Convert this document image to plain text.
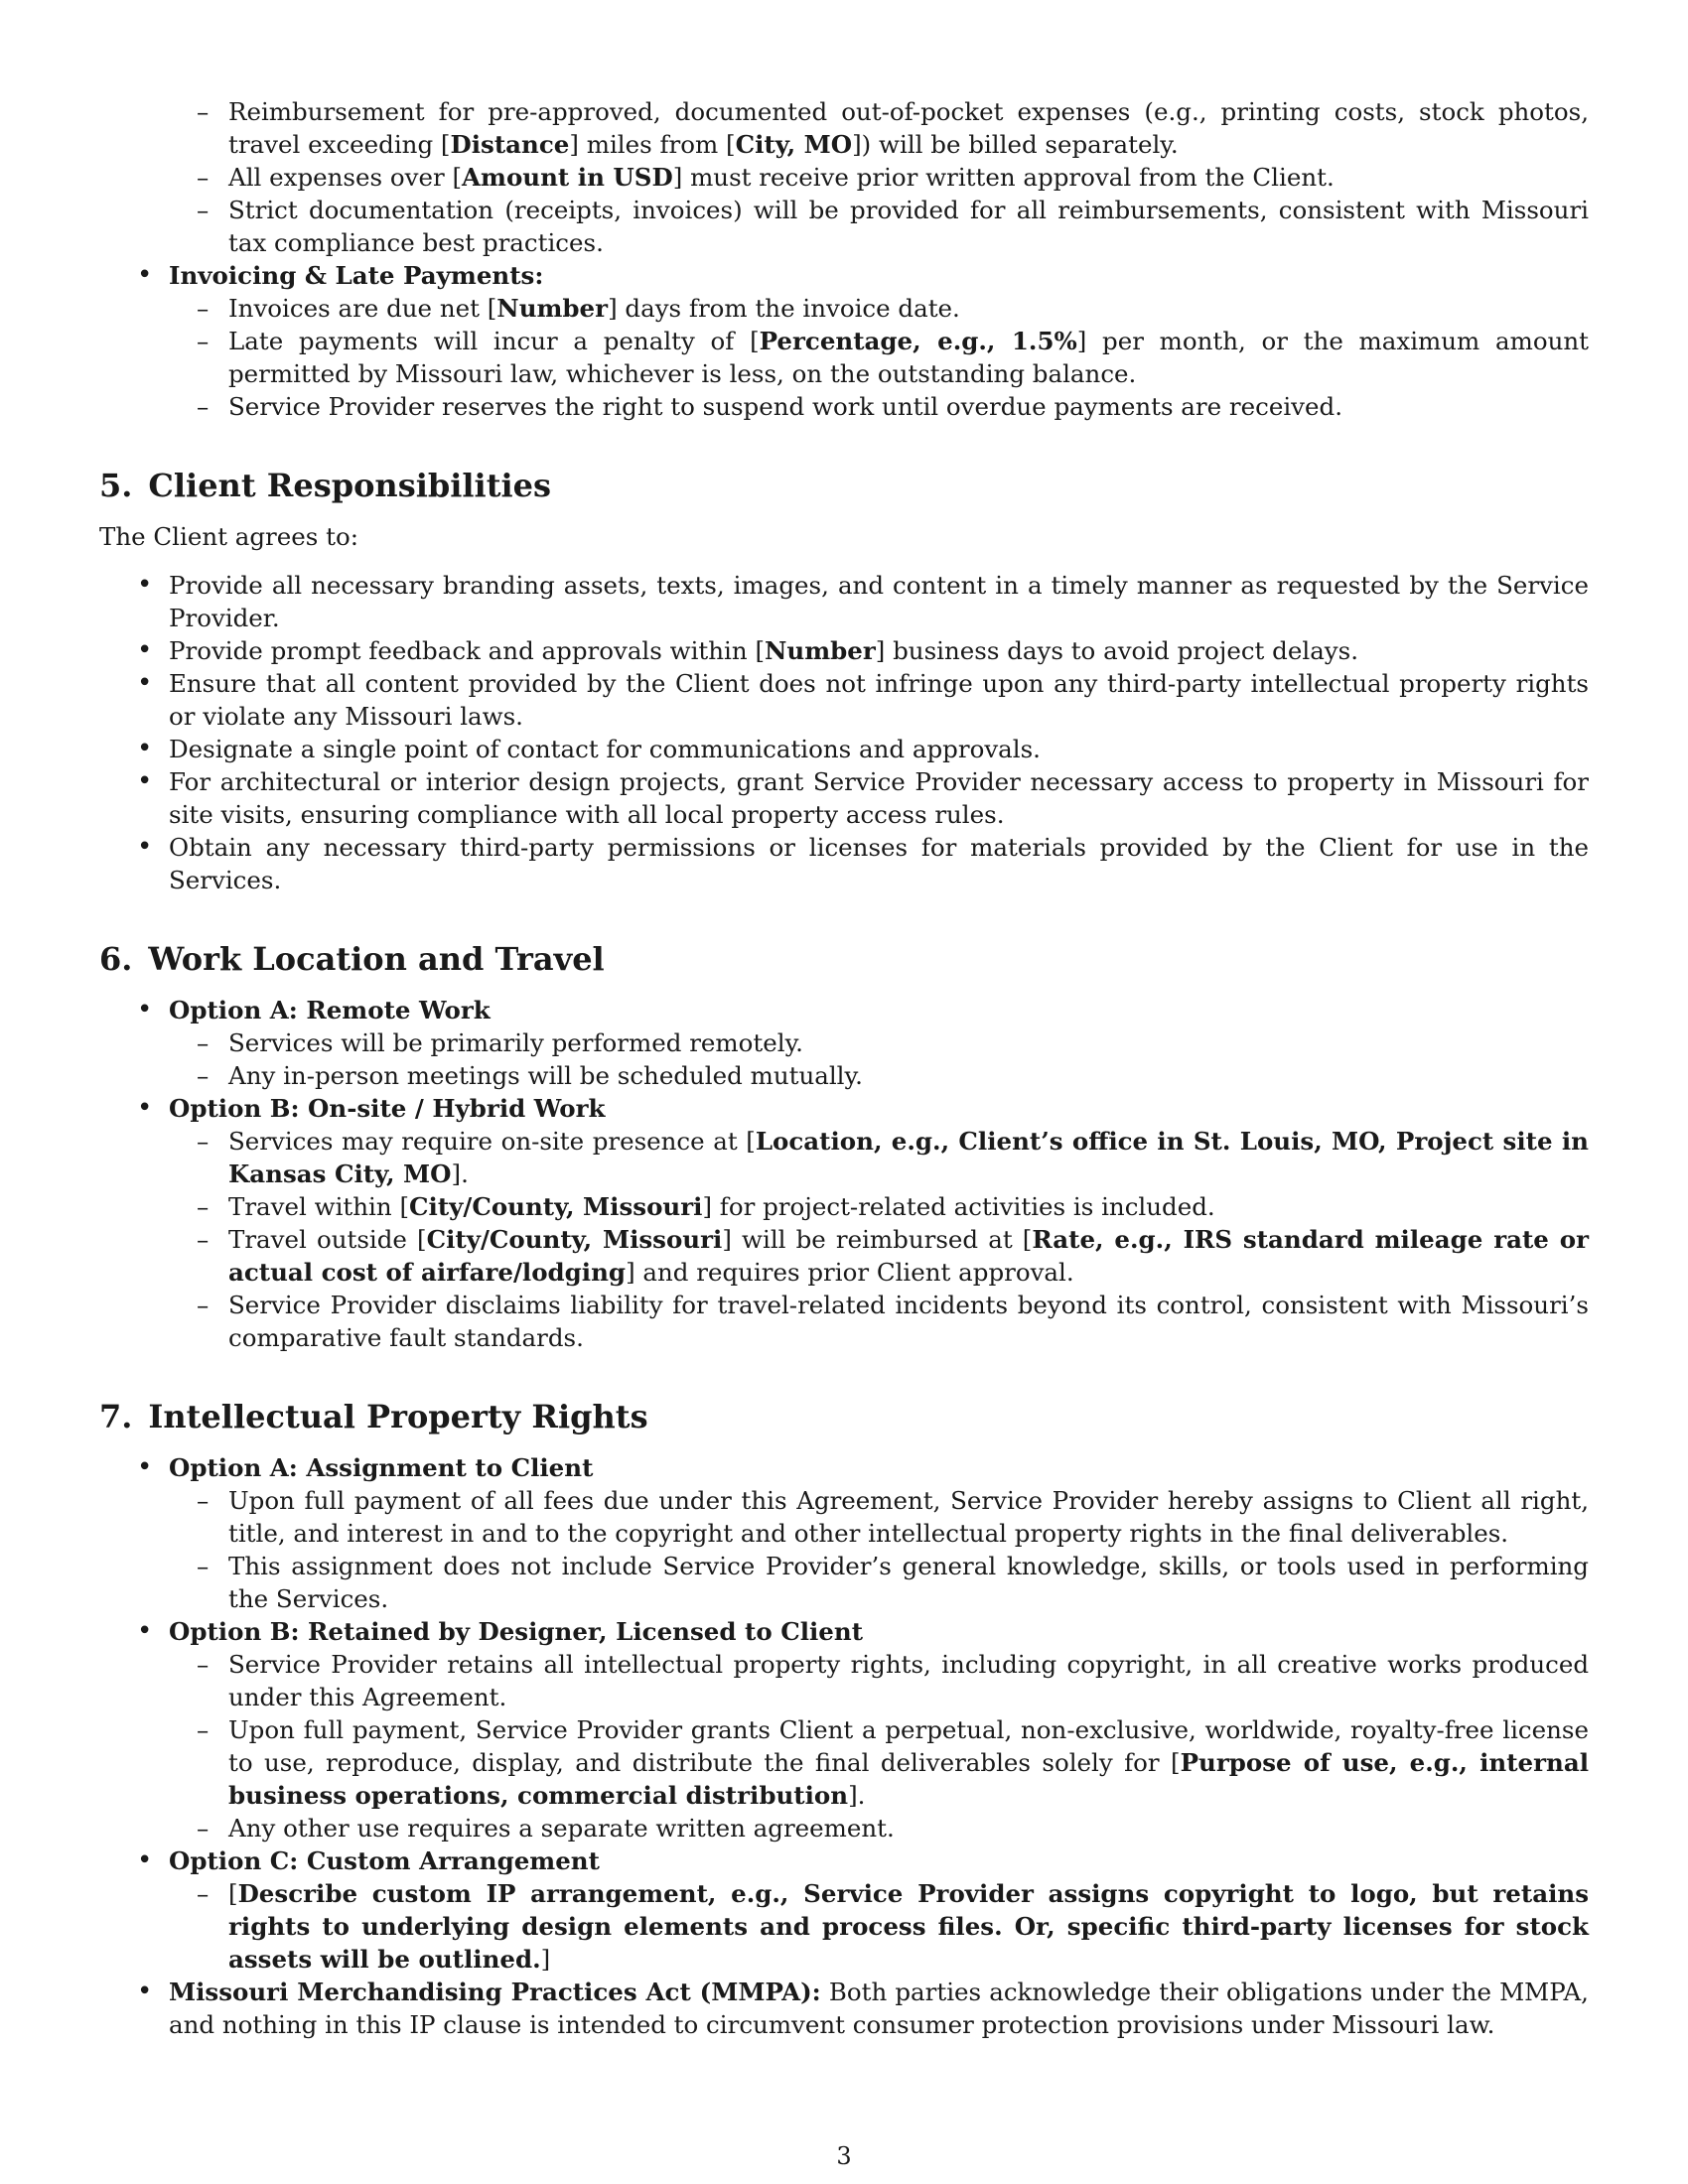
– Reimbursement for pre-approved, documented out-of-pocket expenses (e.g., printing costs, stock photos, travel exceeding [Distance] miles from [City, MO]) will be billed separately.
– All expenses over [Amount in USD] must receive prior written approval from the Client.
– Strict documentation (receipts, invoices) will be provided for all reimbursements, consistent with Missouri tax compliance best practices.
• Invoicing & Late Payments:
– Invoices are due net [Number] days from the invoice date.
– Late payments will incur a penalty of [Percentage, e.g., 1.5%] per month, or the maximum amount permitted by Missouri law, whichever is less, on the outstanding balance.
– Service Provider reserves the right to suspend work until overdue payments are received.
5. Client Responsibilities

The Client agrees to:

• Provide all necessary branding assets, texts, images, and content in a timely manner as requested by the Service Provider.
• Provide prompt feedback and approvals within [Number] business days to avoid project delays.
• Ensure that all content provided by the Client does not infringe upon any third-party intellectual property rights or violate any Missouri laws.
• Designate a single point of contact for communications and approvals.
• For architectural or interior design projects, grant Service Provider necessary access to property in Missouri for site visits, ensuring compliance with all local property access rules.
• Obtain any necessary third-party permissions or licenses for materials provided by the Client for use in the Services.
6. Work Location and Travel
• Option A: Remote Work
– Services will be primarily performed remotely.
– Any in-person meetings will be scheduled mutually.
• Option B: On-site / Hybrid Work
– Services may require on-site presence at [Location, e.g., Client’s office in St. Louis, MO, Project site in Kansas City, MO].
– Travel within [City/County, Missouri] for project-related activities is included.
– Travel outside [City/County, Missouri] will be reimbursed at [Rate, e.g., IRS standard mileage rate or actual cost of airfare/lodging] and requires prior Client approval.
– Service Provider disclaims liability for travel-related incidents beyond its control, consistent with Missouri’s comparative fault standards.
7. Intellectual Property Rights
• Option A: Assignment to Client
– Upon full payment of all fees due under this Agreement, Service Provider hereby assigns to Client all right, title, and interest in and to the copyright and other intellectual property rights in the final deliverables.
– This assignment does not include Service Provider’s general knowledge, skills, or tools used in performing the Services.
• Option B: Retained by Designer, Licensed to Client
– Service Provider retains all intellectual property rights, including copyright, in all creative works produced under this Agreement.
– Upon full payment, Service Provider grants Client a perpetual, non-exclusive, worldwide, royalty-free license to use, reproduce, display, and distribute the final deliverables solely for [Purpose of use, e.g., internal business operations, commercial distribution].
– Any other use requires a separate written agreement.
• Option C: Custom Arrangement
– [Describe custom IP arrangement, e.g., Service Provider assigns copyright to logo, but retains rights to underlying design elements and process files. Or, specific third-party licenses for stock assets will be outlined.]
• Missouri Merchandising Practices Act (MMPA): Both parties acknowledge their obligations under the MMPA, and nothing in this IP clause is intended to circumvent consumer protection provisions under Missouri law.
3
